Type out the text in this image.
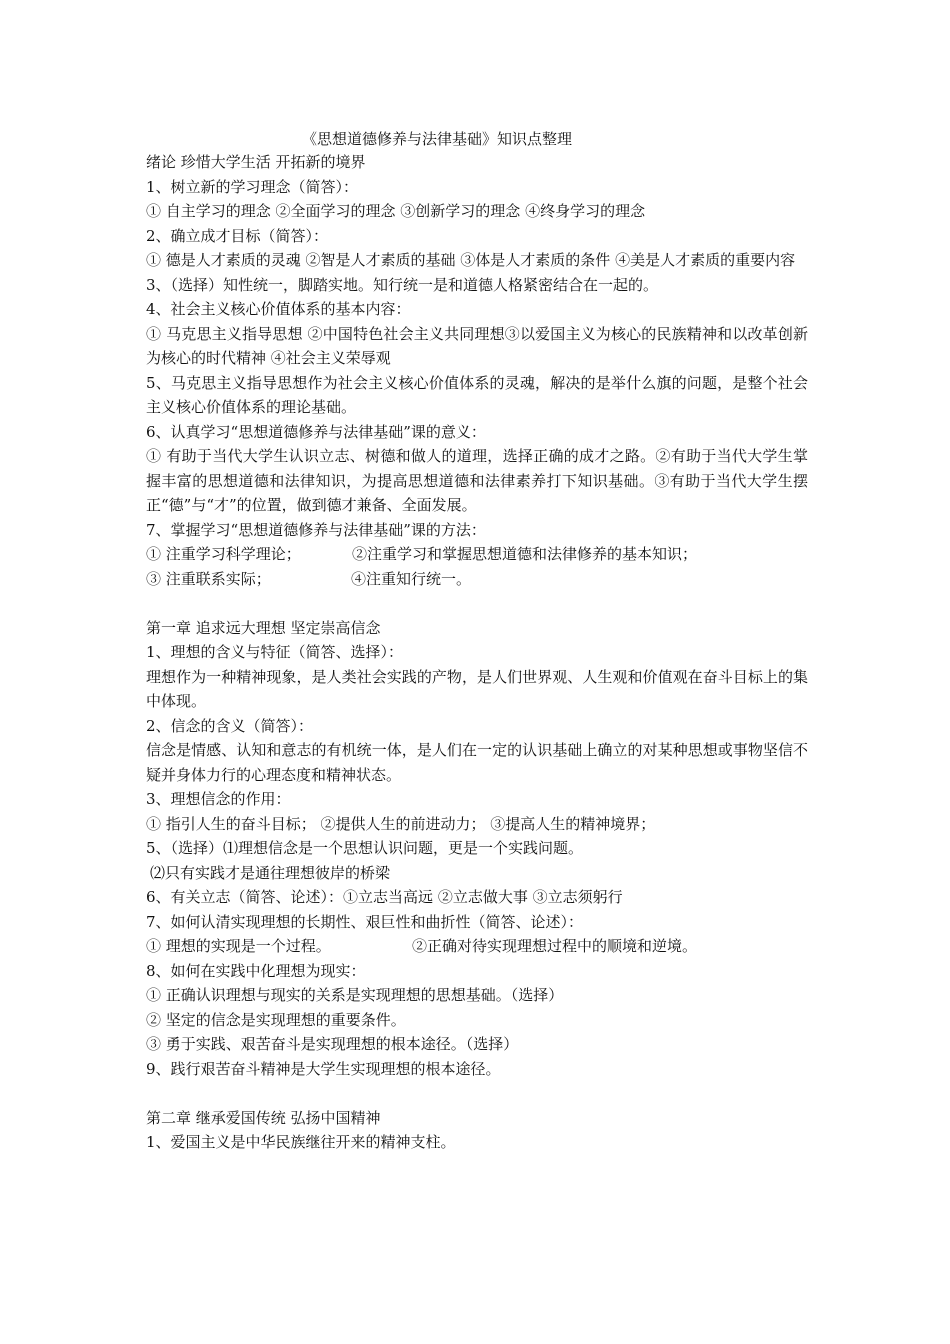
《思想道德修养与法律基础》知识点整理
绪论 珍惜大学生活 开拓新的境界
1、树立新的学习理念（简答）：
① 自主学习的理念 ②全面学习的理念 ③创新学习的理念 ④终身学习的理念
2、确立成才目标（简答）：
① 德是人才素质的灵魂 ②智是人才素质的基础 ③体是人才素质的条件 ④美是人才素质的重要内容
3、（选择）知性统一，脚踏实地。知行统一是和道德人格紧密结合在一起的。
4、社会主义核心价值体系的基本内容：
① 马克思主义指导思想 ②中国特色社会主义共同理想③以爱国主义为核心的民族精神和以改革创新为核心的时代精神 ④社会主义荣辱观
5、马克思主义指导思想作为社会主义核心价值体系的灵魂，解决的是举什么旗的问题，是整个社会主义核心价值体系的理论基础。
6、认真学习“思想道德修养与法律基础”课的意义：
① 有助于当代大学生认识立志、树德和做人的道理，选择正确的成才之路。②有助于当代大学生掌握丰富的思想道德和法律知识，为提高思想道德和法律素养打下知识基础。③有助于当代大学生摆正“德”与“才”的位置，做到德才兼备、全面发展。
7、掌握学习“思想道德修养与法律基础”课的方法：
① 注重学习科学理论；	②注重学习和掌握思想道德和法律修养的基本知识；
③ 注重联系实际；	④注重知行统一。
第一章 追求远大理想 坚定崇高信念
1、理想的含义与特征（简答、选择）：
理想作为一种精神现象，是人类社会实践的产物，是人们世界观、人生观和价值观在奋斗目标上的集中体现。
2、信念的含义（简答）：
信念是情感、认知和意志的有机统一体，是人们在一定的认识基础上确立的对某种思想或事物坚信不疑并身体力行的心理态度和精神状态。
3、理想信念的作用：
① 指引人生的奋斗目标； ②提供人生的前进动力； ③提高人生的精神境界；
5、（选择）⑴理想信念是一个思想认识问题，更是一个实践问题。
⑵只有实践才是通往理想彼岸的桥梁
6、有关立志（简答、论述）：①立志当高远 ②立志做大事 ③立志须躬行
7、如何认清实现理想的长期性、艰巨性和曲折性（简答、论述）：
① 理想的实现是一个过程。	②正确对待实现理想过程中的顺境和逆境。
8、如何在实践中化理想为现实：
① 正确认识理想与现实的关系是实现理想的思想基础。（选择）
② 坚定的信念是实现理想的重要条件。
③ 勇于实践、艰苦奋斗是实现理想的根本途径。（选择）
9、践行艰苦奋斗精神是大学生实现理想的根本途径。
第二章 继承爱国传统 弘扬中国精神
1、爱国主义是中华民族继往开来的精神支柱。
